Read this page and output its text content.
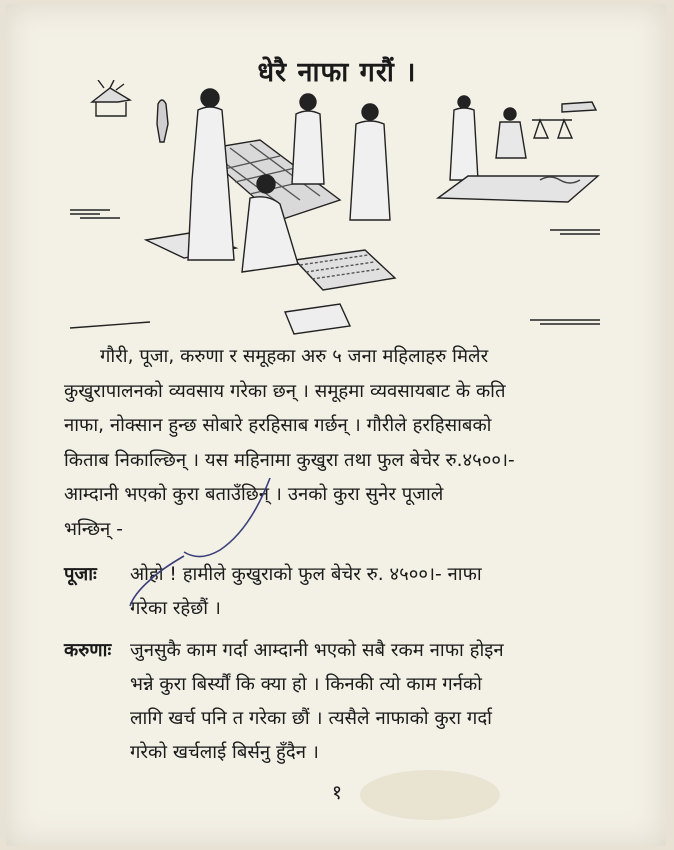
धेरै नाफा गरौं ।

गौरी, पूजा, करुणा र समूहका अरु ५ जना महिलाहरु मिलेर

कुखुरापालनको व्यवसाय गरेका छन् । समूहमा व्यवसायबाट के कति

नाफा, नोक्सान हुन्छ सोबारे हरहिसाब गर्छन् । गौरीले हरहिसाबको

किताब निकाल्छिन् । यस महिनामा कुखुरा तथा फुल बेचेर रु.४५००।-

आम्दानी भएको कुरा बताउँछिन् । उनको कुरा सुनेर पूजाले

भन्छिन् -

पूजाः ओहो ! हामीले कुखुराको फुल बेचेर रु. ४५००।- नाफा

गरेका रहेछौं ।

करुणाः जुनसुकै काम गर्दा आम्दानी भएको सबै रकम नाफा होइन

भन्ने कुरा बिर्स्यौं कि क्या हो । किनकी त्यो काम गर्नको

लागि खर्च पनि त गरेका छौं । त्यसैले नाफाको कुरा गर्दा

गरेको खर्चलाई बिर्सनु हुँदैन ।

१
